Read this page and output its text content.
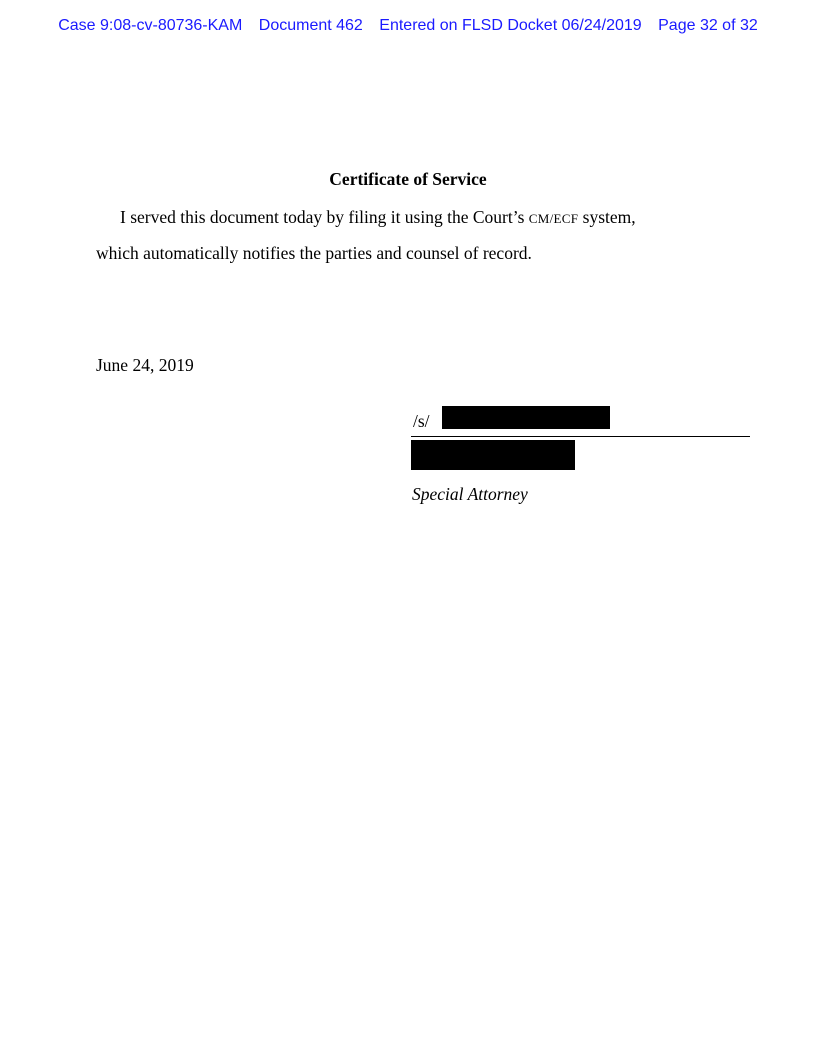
Case 9:08-cv-80736-KAM Document 462 Entered on FLSD Docket 06/24/2019 Page 32 of 32
Certificate of Service
I served this document today by filing it using the Court’s CM/ECF system,
which automatically notifies the parties and counsel of record.
June 24, 2019
/s/
Special Attorney
